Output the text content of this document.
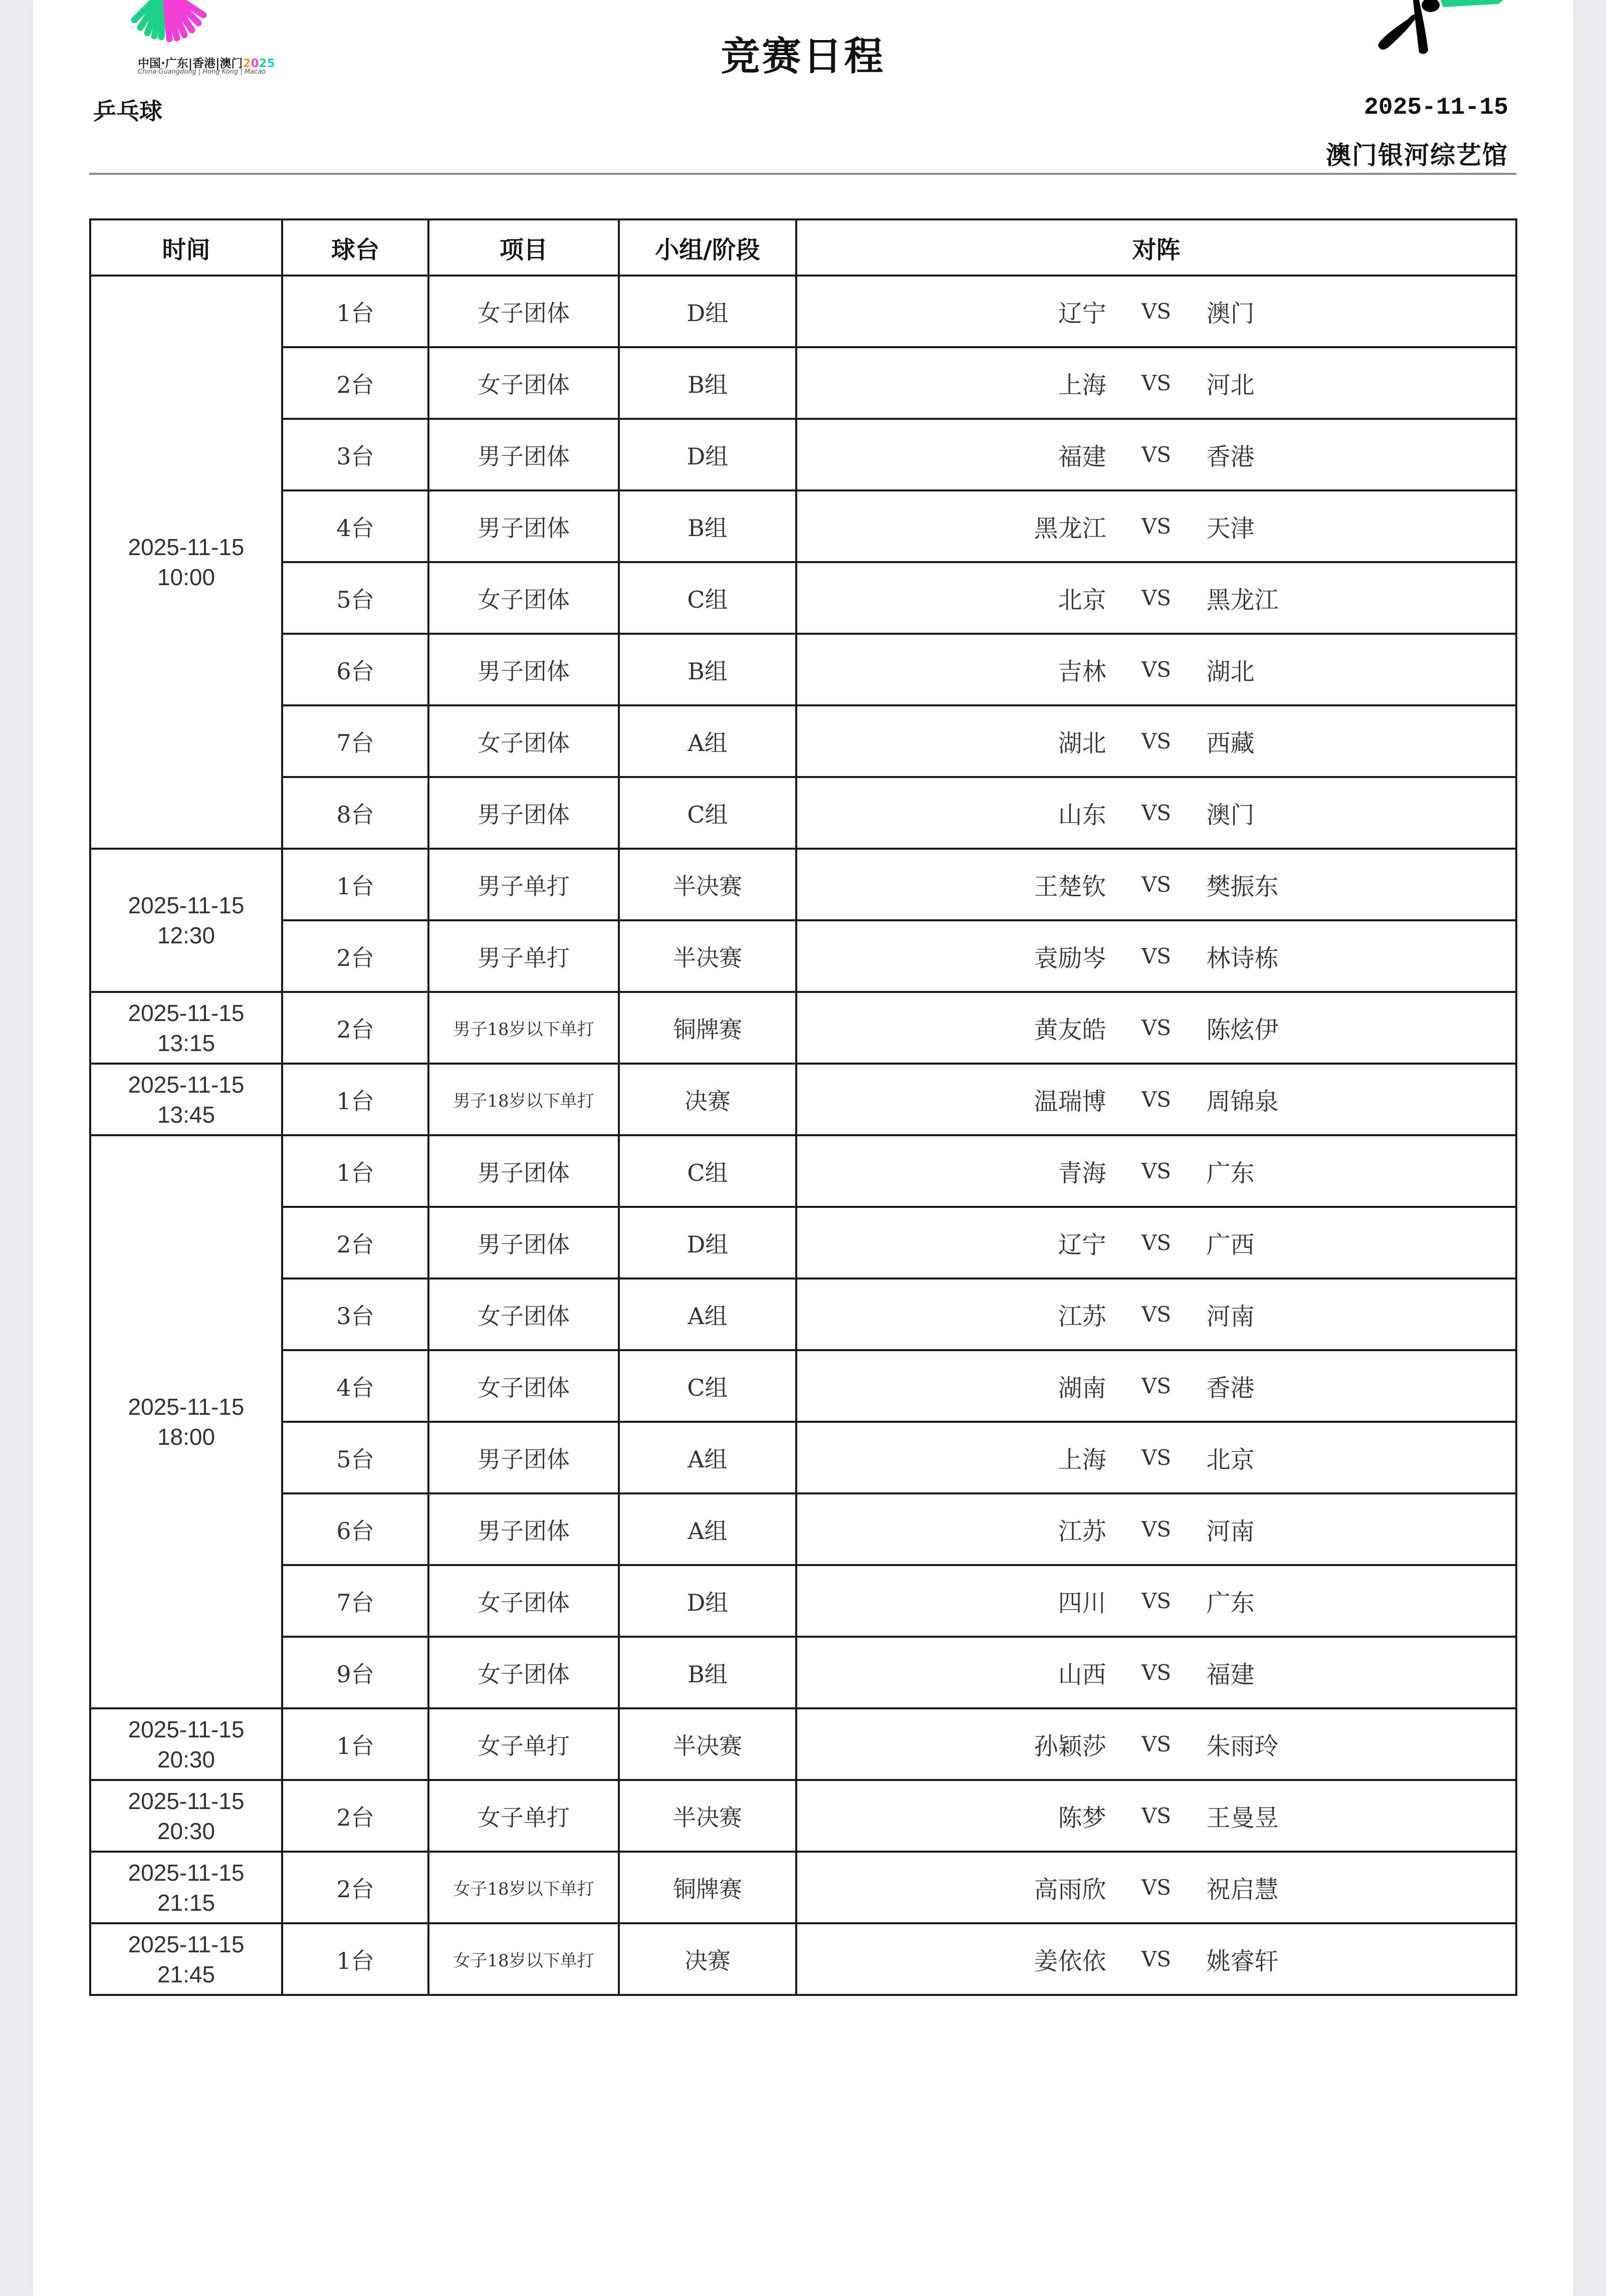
中国·广东|香港|澳门2025
China·Guangdong | Hong Kong | Macao
乒乓球
竞赛日程
2025-11-15
澳门银河综艺馆
时间	球台	项目	小组/阶段	对阵

2025-11-15
10:00	1台	女子团体	D组	辽宁 VS 澳门

	2台	女子团体	B组	上海 VS 河北

	3台	男子团体	D组	福建 VS 香港

	4台	男子团体	B组	黑龙江 VS 天津

	5台	女子团体	C组	北京 VS 黑龙江

	6台	男子团体	B组	吉林 VS 湖北

	7台	女子团体	A组	湖北 VS 西藏

	8台	男子团体	C组	山东 VS 澳门

2025-11-15
12:30	1台	男子单打	半决赛	王楚钦 VS 樊振东

	2台	男子单打	半决赛	袁励岑 VS 林诗栋

2025-11-15
13:15	2台	男子18岁以下单打	铜牌赛	黄友皓 VS 陈炫伊

2025-11-15
13:45	1台	男子18岁以下单打	决赛	温瑞博 VS 周锦泉

2025-11-15
18:00	1台	男子团体	C组	青海 VS 广东

	2台	男子团体	D组	辽宁 VS 广西

	3台	女子团体	A组	江苏 VS 河南

	4台	女子团体	C组	湖南 VS 香港

	5台	男子团体	A组	上海 VS 北京

	6台	男子团体	A组	江苏 VS 河南

	7台	女子团体	D组	四川 VS 广东

	9台	女子团体	B组	山西 VS 福建

2025-11-15
20:30	1台	女子单打	半决赛	孙颖莎 VS 朱雨玲

2025-11-15
20:30	2台	女子单打	半决赛	陈梦 VS 王曼昱

2025-11-15
21:15	2台	女子18岁以下单打	铜牌赛	高雨欣 VS 祝启慧

2025-11-15
21:45	1台	女子18岁以下单打	决赛	姜依依 VS 姚睿轩
